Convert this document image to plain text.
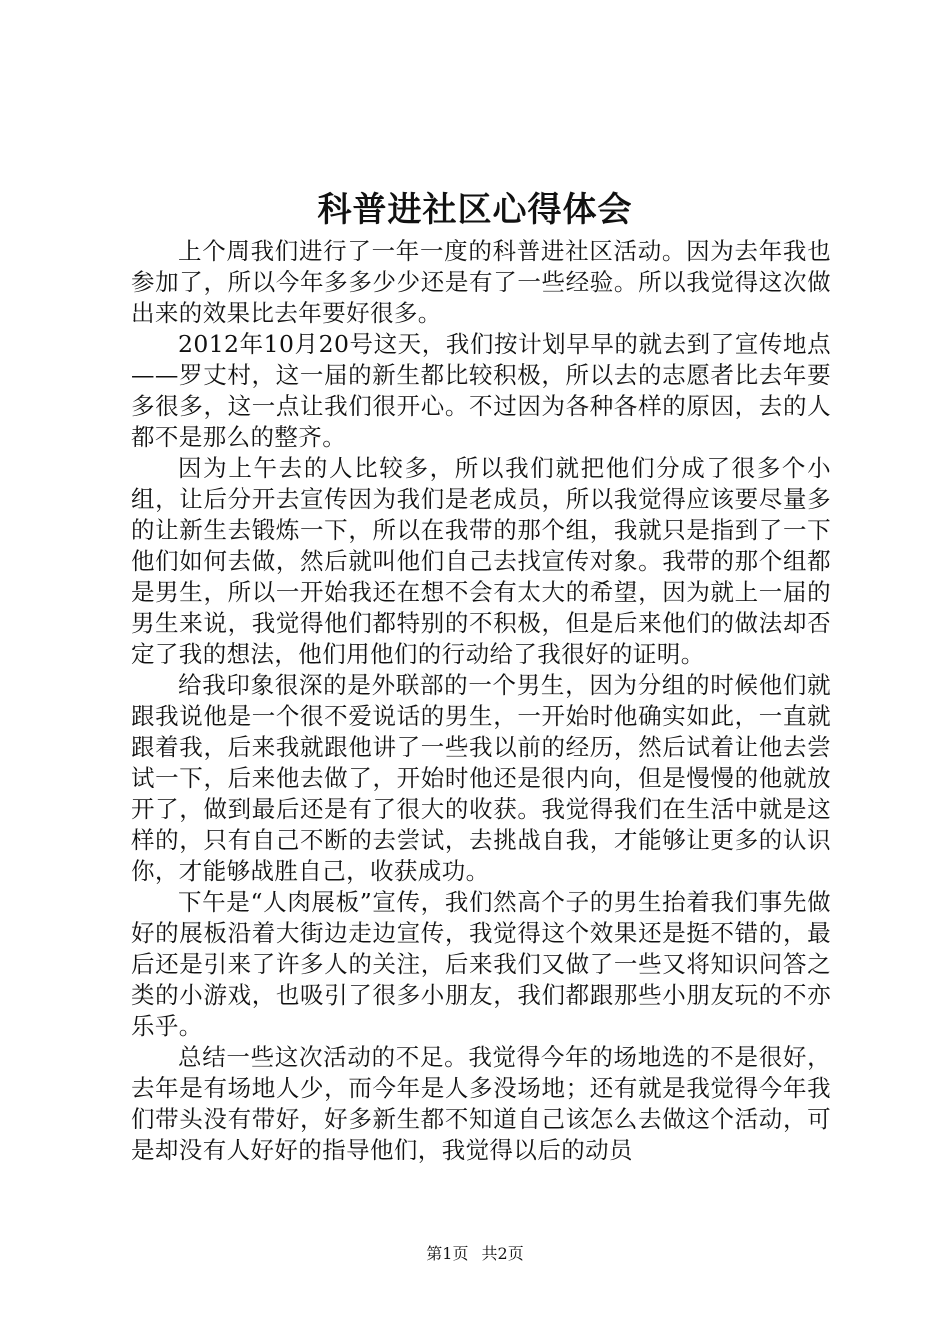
科普进社区心得体会

上个周我们进行了一年一度的科普进社区活动。因为去年我也参加了，所以今年多多少少还是有了一些经验。所以我觉得这次做出来的效果比去年要好很多。

2012年10月20号这天，我们按计划早早的就去到了宣传地点——罗丈村，这一届的新生都比较积极，所以去的志愿者比去年要多很多，这一点让我们很开心。不过因为各种各样的原因，去的人都不是那么的整齐。

因为上午去的人比较多，所以我们就把他们分成了很多个小组，让后分开去宣传因为我们是老成员，所以我觉得应该要尽量多的让新生去锻炼一下，所以在我带的那个组，我就只是指到了一下他们如何去做，然后就叫他们自己去找宣传对象。我带的那个组都是男生，所以一开始我还在想不会有太大的希望，因为就上一届的男生来说，我觉得他们都特别的不积极，但是后来他们的做法却否定了我的想法，他们用他们的行动给了我很好的证明。

给我印象很深的是外联部的一个男生，因为分组的时候他们就跟我说他是一个很不爱说话的男生，一开始时他确实如此，一直就跟着我，后来我就跟他讲了一些我以前的经历，然后试着让他去尝试一下，后来他去做了，开始时他还是很内向，但是慢慢的他就放开了，做到最后还是有了很大的收获。我觉得我们在生活中就是这样的，只有自己不断的去尝试，去挑战自我，才能够让更多的认识你，才能够战胜自己，收获成功。

下午是“人肉展板”宣传，我们然高个子的男生抬着我们事先做好的展板沿着大街边走边宣传，我觉得这个效果还是挺不错的，最后还是引来了许多人的关注，后来我们又做了一些又将知识问答之类的小游戏，也吸引了很多小朋友，我们都跟那些小朋友玩的不亦乐乎。

总结一些这次活动的不足。我觉得今年的场地选的不是很好，去年是有场地人少，而今年是人多没场地；还有就是我觉得今年我们带头没有带好，好多新生都不知道自己该怎么去做这个活动，可是却没有人好好的指导他们，我觉得以后的动员

第1页 共2页
